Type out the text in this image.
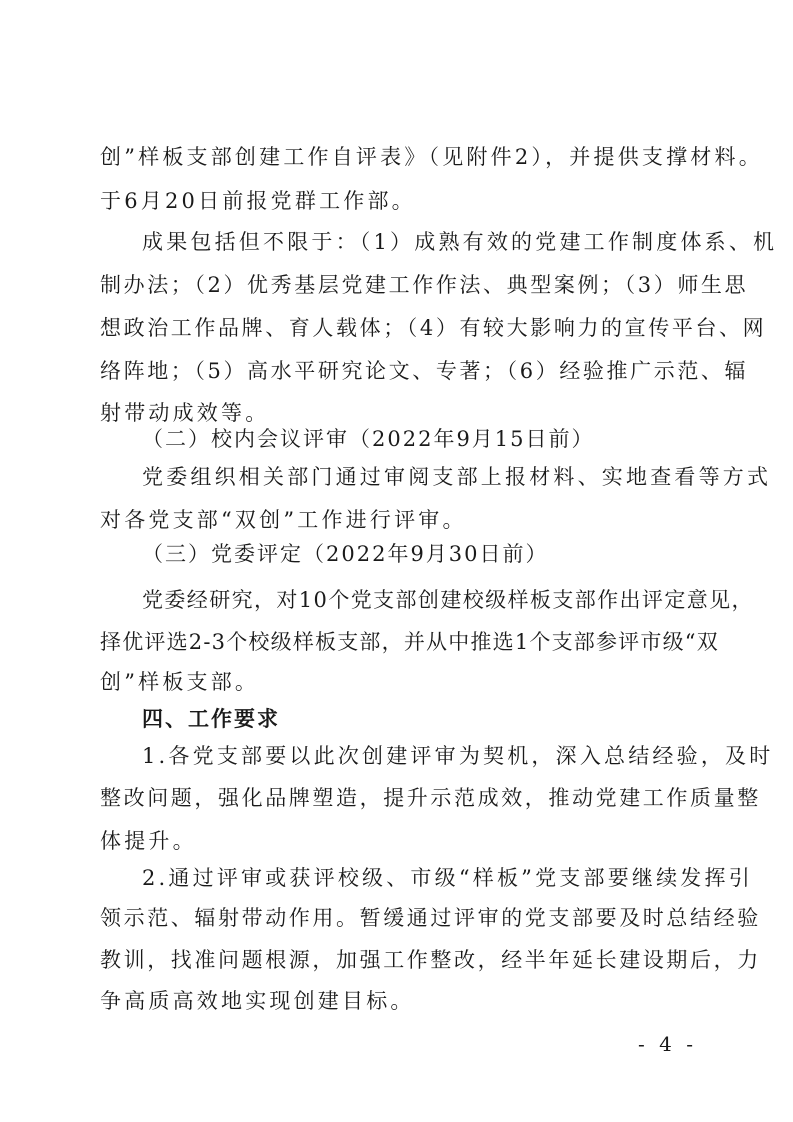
创”样板支部创建工作自评表》（见附件2），并提供支撑材料。
于6月20日前报党群工作部。
成果包括但不限于：（1）成熟有效的党建工作制度体系、机
制办法；（2）优秀基层党建工作作法、典型案例；（3）师生思
想政治工作品牌、育人载体；（4）有较大影响力的宣传平台、网
络阵地；（5）高水平研究论文、专著；（6）经验推广示范、辐
射带动成效等。
（二）校内会议评审（2022年9月15日前）
党委组织相关部门通过审阅支部上报材料、实地查看等方式
对各党支部“双创”工作进行评审。
（三）党委评定（2022年9月30日前）
党委经研究，对10个党支部创建校级样板支部作出评定意见，
择优评选2-3个校级样板支部，并从中推选1个支部参评市级“双
创”样板支部。
四、工作要求
1.各党支部要以此次创建评审为契机，深入总结经验，及时
整改问题，强化品牌塑造，提升示范成效，推动党建工作质量整
体提升。
2.通过评审或获评校级、市级“样板”党支部要继续发挥引
领示范、辐射带动作用。暂缓通过评审的党支部要及时总结经验
教训，找准问题根源，加强工作整改，经半年延长建设期后，力
争高质高效地实现创建目标。
- 4 -
